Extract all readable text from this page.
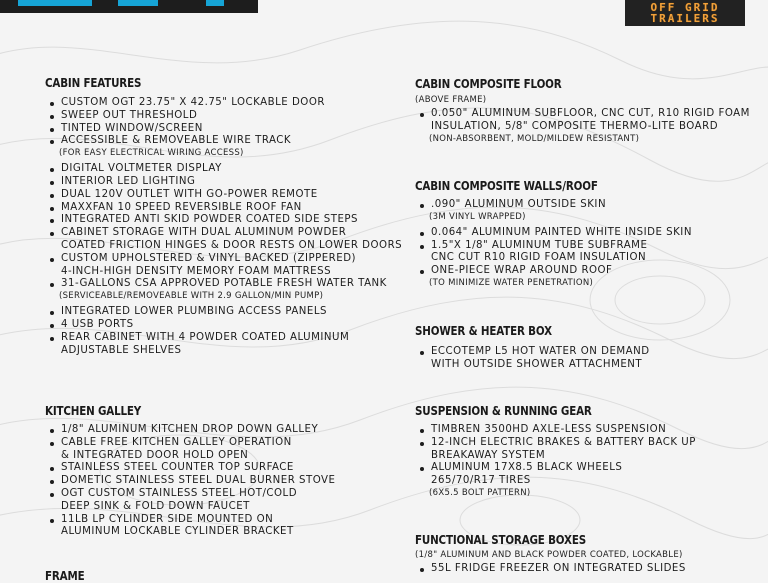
OFF GRID
TRAILERS
CABIN FEATURES
CUSTOM OGT 23.75" X 42.75" LOCKABLE DOOR
SWEEP OUT THRESHOLD
TINTED WINDOW/SCREEN
ACCESSIBLE & REMOVEABLE WIRE TRACK
(FOR EASY ELECTRICAL WIRING ACCESS)
DIGITAL VOLTMETER DISPLAY
INTERIOR LED LIGHTING
DUAL 120V OUTLET WITH GO-POWER REMOTE
MAXXFAN 10 SPEED REVERSIBLE ROOF FAN
INTEGRATED ANTI SKID POWDER COATED SIDE STEPS
CABINET STORAGE WITH DUAL ALUMINUM POWDER
COATED FRICTION HINGES & DOOR RESTS ON LOWER DOORS
CUSTOM UPHOLSTERED & VINYL BACKED (ZIPPERED)
4-INCH-HIGH DENSITY MEMORY FOAM MATTRESS
31-GALLONS CSA APPROVED POTABLE FRESH WATER TANK
(SERVICEABLE/REMOVEABLE WITH 2.9 GALLON/MIN PUMP)
INTEGRATED LOWER PLUMBING ACCESS PANELS
4 USB PORTS
REAR CABINET WITH 4 POWDER COATED ALUMINUM
ADJUSTABLE SHELVES
KITCHEN GALLEY
1/8" ALUMINUM KITCHEN DROP DOWN GALLEY
CABLE FREE KITCHEN GALLEY OPERATION
& INTEGRATED DOOR HOLD OPEN
STAINLESS STEEL COUNTER TOP SURFACE
DOMETIC STAINLESS STEEL DUAL BURNER STOVE
OGT CUSTOM STAINLESS STEEL HOT/COLD
DEEP SINK & FOLD DOWN FAUCET
11LB LP CYLINDER SIDE MOUNTED ON
ALUMINUM LOCKABLE CYLINDER BRACKET
FRAME
CABIN COMPOSITE FLOOR
(ABOVE FRAME)
0.050" ALUMINUM SUBFLOOR, CNC CUT, R10 RIGID FOAM
INSULATION, 5/8" COMPOSITE THERMO-LITE BOARD
(NON-ABSORBENT, MOLD/MILDEW RESISTANT)
CABIN COMPOSITE WALLS/ROOF
.090" ALUMINUM OUTSIDE SKIN
(3M VINYL WRAPPED)
0.064" ALUMINUM PAINTED WHITE INSIDE SKIN
1.5"X 1/8" ALUMINUM TUBE SUBFRAME
CNC CUT R10 RIGID FOAM INSULATION
ONE-PIECE WRAP AROUND ROOF
(TO MINIMIZE WATER PENETRATION)
SHOWER & HEATER BOX
ECCOTEMP L5 HOT WATER ON DEMAND
WITH OUTSIDE SHOWER ATTACHMENT
SUSPENSION & RUNNING GEAR
TIMBREN 3500HD AXLE-LESS SUSPENSION
12-INCH ELECTRIC BRAKES & BATTERY BACK UP
BREAKAWAY SYSTEM
ALUMINUM 17X8.5 BLACK WHEELS
265/70/R17 TIRES
(6X5.5 BOLT PATTERN)
FUNCTIONAL STORAGE BOXES
(1/8" ALUMINUM AND BLACK POWDER COATED, LOCKABLE)
55L FRIDGE FREEZER ON INTEGRATED SLIDES
